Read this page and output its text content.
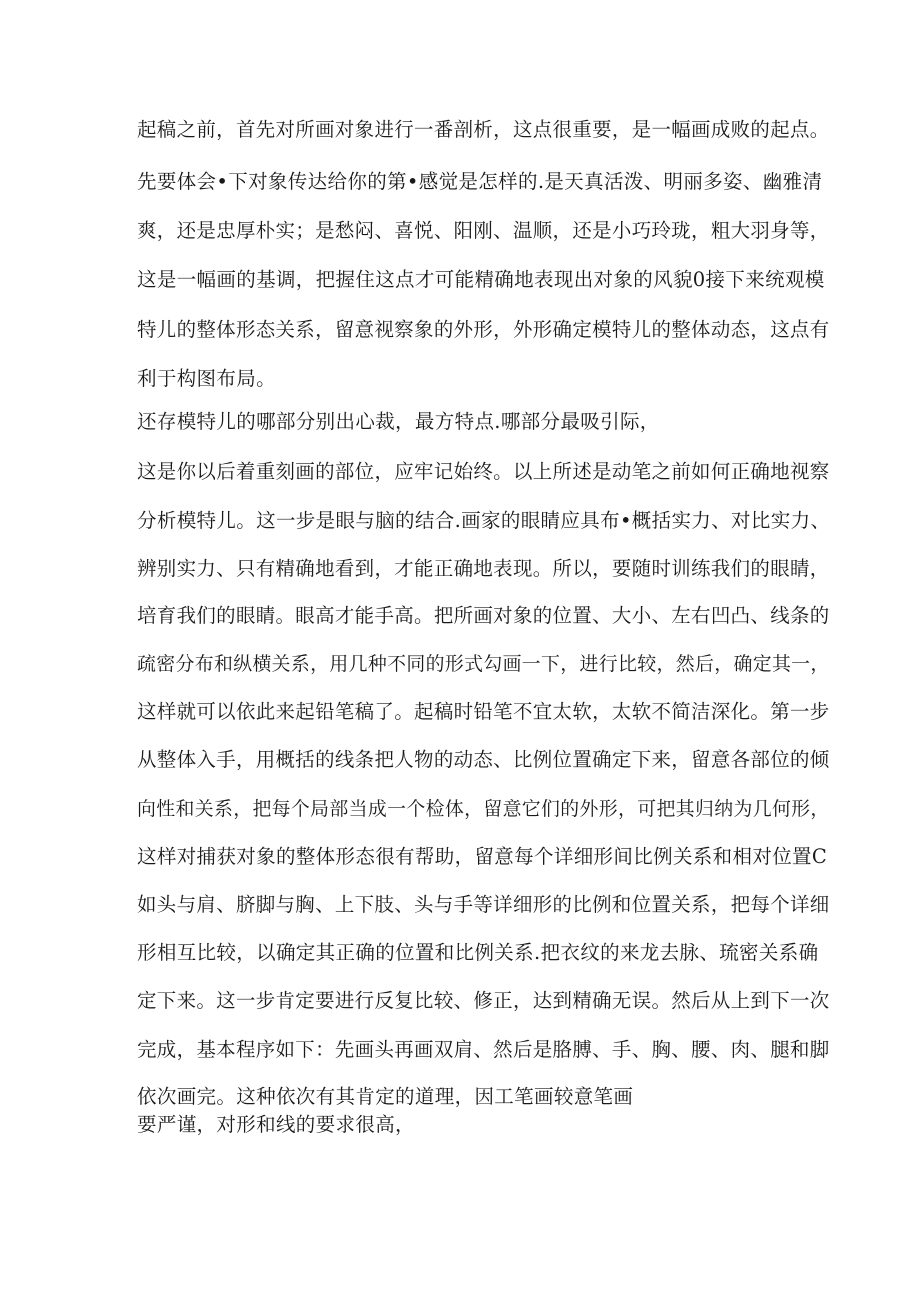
起稿之前，首先对所画对象进行一番剖析，这点很重要，是一幅画成败的起点。
先要体会•下对象传达给你的第•感觉是怎样的.是天真活泼、明丽多姿、幽雅清
爽，还是忠厚朴实；是愁闷、喜悦、阳刚、温顺，还是小巧玲珑，粗大羽身等，
这是一幅画的基调，把握住这点才可能精确地表现出对象的风貌0接下来统观模
特儿的整体形态关系，留意视察象的外形，外形确定模特儿的整体动态，这点有
利于构图布局。
还存模特儿的哪部分别出心裁，最方特点.哪部分最吸引际，
这是你以后着重刻画的部位，应牢记始终。以上所述是动笔之前如何正确地视察
分析模特儿。这一步是眼与脑的结合.画家的眼睛应具布•概括实力、对比实力、
辨别实力、只有精确地看到，才能正确地表现。所以，要随时训练我们的眼睛，
培育我们的眼睛。眼高才能手高。把所画对象的位置、大小、左右凹凸、线条的
疏密分布和纵横关系，用几种不同的形式勾画一下，进行比较，然后，确定其一，
这样就可以依此来起铅笔稿了。起稿时铅笔不宜太软，太软不简洁深化。第一步
从整体入手，用概括的线条把人物的动态、比例位置确定下来，留意各部位的倾
向性和关系，把每个局部当成一个检体，留意它们的外形，可把其归纳为几何形，
这样对捕获对象的整体形态很有帮助，留意每个详细形间比例关系和相对位置C
如头与肩、脐脚与胸、上下肢、头与手等详细形的比例和位置关系，把每个详细
形相互比较，以确定其正确的位置和比例关系.把衣纹的来龙去脉、琉密关系确
定下来。这一步肯定要进行反复比较、修正，达到精确无误。然后从上到下一次
完成，基本程序如下：先画头再画双肩、然后是胳膊、手、胸、腰、肉、腿和脚
依次画完。这种依次有其肯定的道理，因工笔画较意笔画
要严谨，对形和线的要求很高，
